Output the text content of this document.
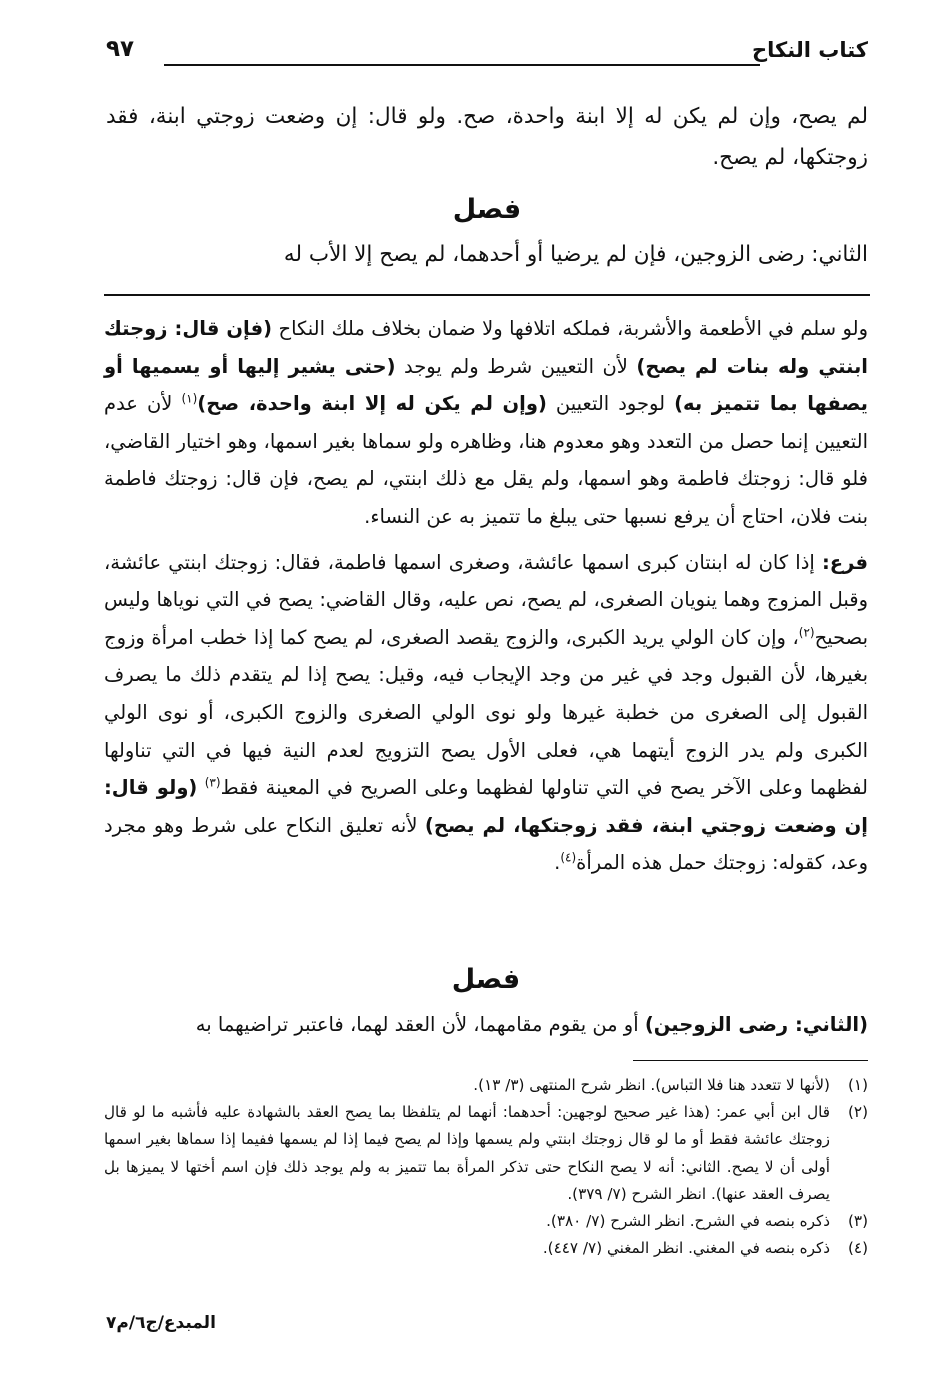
كتاب النكاح
٩٧

لم يصح، وإن لم يكن له إلا ابنة واحدة، صح. ولو قال: إن وضعت زوجتي ابنة، فقد زوجتكها، لم يصح.

فصل

الثاني: رضى الزوجين، فإن لم يرضيا أو أحدهما، لم يصح إلا الأب له

ولو سلم في الأطعمة والأشربة، فملكه اتلافها ولا ضمان بخلاف ملك النكاح (فإن قال: زوجتك ابنتي وله بنات لم يصح) لأن التعيين شرط ولم يوجد (حتى يشير إليها أو يسميها أو يصفها بما تتميز به) لوجود التعيين (وإن لم يكن له إلا ابنة واحدة، صح)$^{(١)}$ لأن عدم التعيين إنما حصل من التعدد وهو معدوم هنا، وظاهره ولو سماها بغير اسمها، وهو اختيار القاضي، فلو قال: زوجتك فاطمة وهو اسمها، ولم يقل مع ذلك ابنتي، لم يصح، فإن قال: زوجتك فاطمة بنت فلان، احتاج أن يرفع نسبها حتى يبلغ ما تتميز به عن النساء.

فرع: إذا كان له ابنتان كبرى اسمها عائشة، وصغرى اسمها فاطمة، فقال: زوجتك ابنتي عائشة، وقبل المزوج وهما ينويان الصغرى، لم يصح، نص عليه، وقال القاضي: يصح في التي نوياها وليس بصحيح$^{(٢)}$، وإن كان الولي يريد الكبرى، والزوج يقصد الصغرى، لم يصح كما إذا خطب امرأة وزوج بغيرها، لأن القبول وجد في غير من وجد الإيجاب فيه، وقيل: يصح إذا لم يتقدم ذلك ما يصرف القبول إلى الصغرى من خطبة غيرها ولو نوى الولي الصغرى والزوج الكبرى، أو نوى الولي الكبرى ولم يدر الزوج أيتهما هي، فعلى الأول يصح التزويج لعدم النية فيها في التي تناولها لفظهما وعلى الآخر يصح في التي تناولها لفظهما وعلى الصريح في المعينة فقط$^{(٣)}$ (ولو قال: إن وضعت زوجتي ابنة، فقد زوجتكها، لم يصح) لأنه تعليق النكاح على شرط وهو مجرد وعد، كقوله: زوجتك حمل هذه المرأة$^{(٤)}$.

فصل

(الثاني: رضى الزوجين) أو من يقوم مقامهما، لأن العقد لهما، فاعتبر تراضيهما به

(١)
(لأنها لا تتعدد هنا فلا التباس). انظر شرح المنتهى (٣/ ١٣).

(٢)
قال ابن أبي عمر: (هذا غير صحيح لوجهين: أحدهما: أنهما لم يتلفظا بما يصح العقد بالشهادة عليه فأشبه ما لو قال زوجتك عائشة فقط أو ما لو قال زوجتك ابنتي ولم يسمها وإذا لم يصح فيما إذا لم يسمها ففيما إذا سماها بغير اسمها أولى أن لا يصح. الثاني: أنه لا يصح النكاح حتى تذكر المرأة بما تتميز به ولم يوجد ذلك فإن اسم أختها لا يميزها بل يصرف العقد عنها). انظر الشرح (٧/ ٣٧٩).

(٣)
ذكره بنصه في الشرح. انظر الشرح (٧/ ٣٨٠).

(٤)
ذكره بنصه في المغني. انظر المغني (٧/ ٤٤٧).

المبدع/ج٦/م٧
